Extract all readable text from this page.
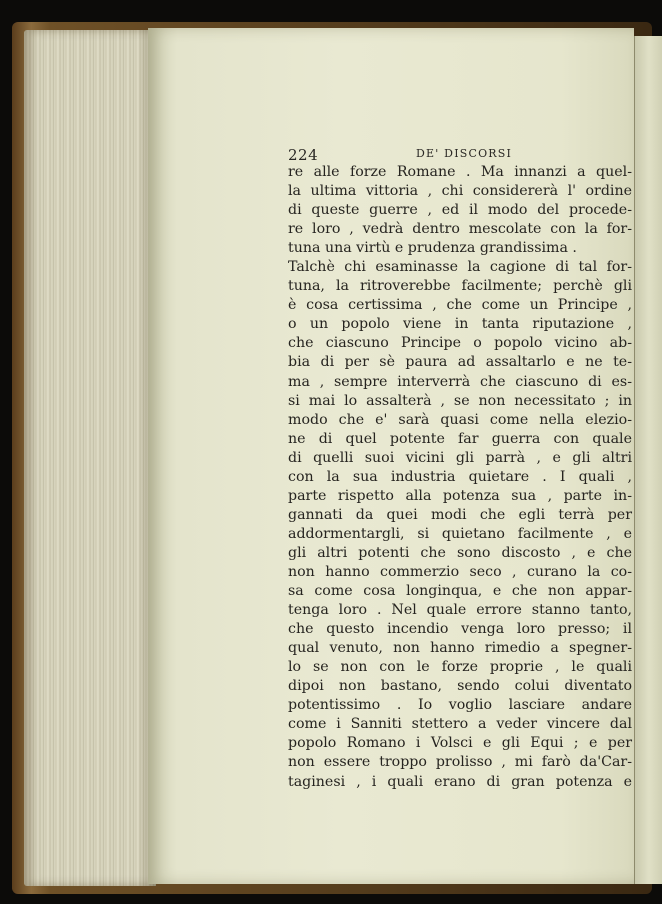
224	DE' DISCORSI
re alle forze Romane . Ma innanzi a quel-
la ultima vittoria , chi considererà l' ordine
di queste guerre , ed il modo del procede-
re loro , vedrà dentro mescolate con la for-
tuna una virtù e prudenza grandissima .
Talchè chi esaminasse la cagione di tal for-
tuna, la ritroverebbe facilmente; perchè gli
è cosa certissima , che come un Principe ,
o un popolo viene in tanta riputazione ,
che ciascuno Principe o popolo vicino ab-
bia di per sè paura ad assaltarlo e ne te-
ma , sempre interverrà che ciascuno di es-
si mai lo assalterà , se non necessitato ; in
modo che e' sarà quasi come nella elezio-
ne di quel potente far guerra con quale
di quelli suoi vicini gli parrà , e gli altri
con la sua industria quietare . I quali ,
parte rispetto alla potenza sua , parte in-
gannati da quei modi che egli terrà per
addormentargli, si quietano facilmente , e
gli altri potenti che sono discosto , e che
non hanno commerzio seco , curano la co-
sa come cosa longinqua, e che non appar-
tenga loro . Nel quale errore stanno tanto,
che questo incendio venga loro presso; il
qual venuto, non hanno rimedio a spegner-
lo se non con le forze proprie , le quali
dipoi non bastano, sendo colui diventato
potentissimo . Io voglio lasciare andare
come i Sanniti stettero a veder vincere dal
popolo Romano i Volsci e gli Equi ; e per
non essere troppo prolisso , mi farò da'Car-
taginesi , i quali erano di gran potenza e
